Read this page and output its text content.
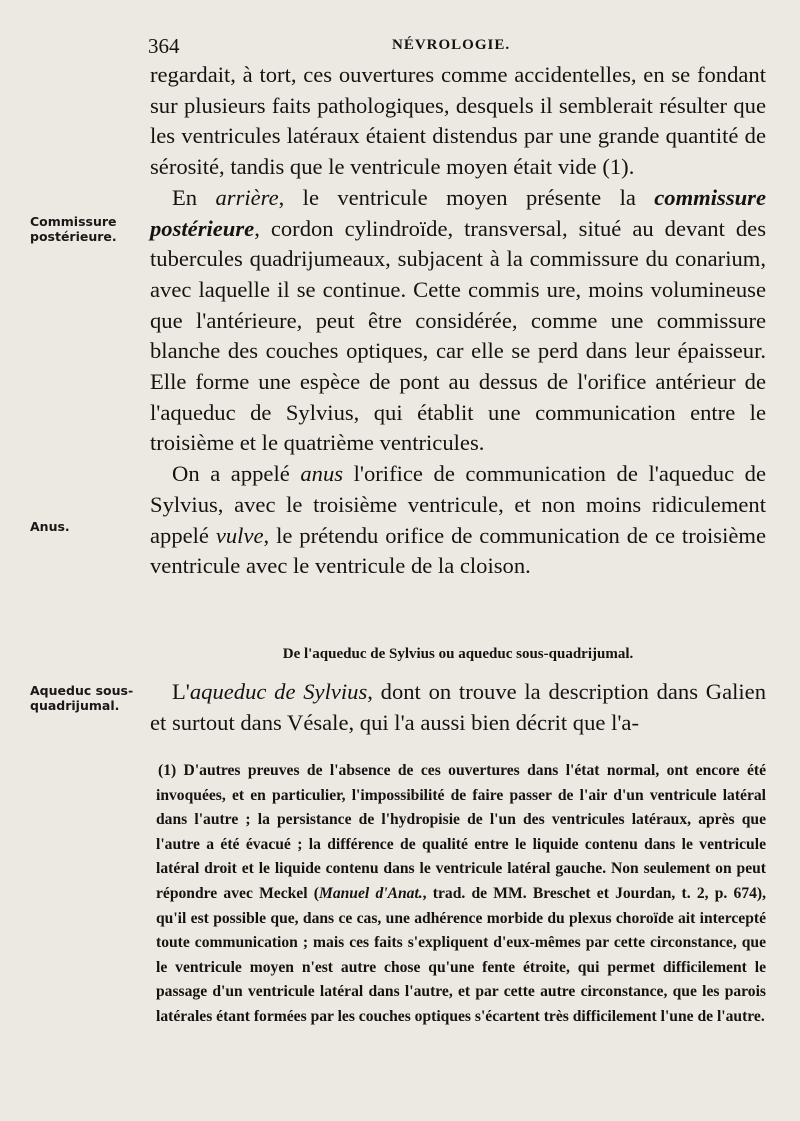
364	NÉVROLOGIE.
Commissure postérieure.
Anus.
Aqueduc sous-quadrijumal.

regardait, à tort, ces ouvertures comme accidentelles, en se fondant sur plusieurs faits pathologiques, desquels il semblerait résulter que les ventricules latéraux étaient distendus par une grande quantité de sérosité, tandis que le ventricule moyen était vide (1).

En arrière, le ventricule moyen présente la commissure postérieure, cordon cylindroïde, transversal, situé au devant des tubercules quadrijumeaux, subjacent à la commissure du conarium, avec laquelle il se continue. Cette commis ure, moins volumineuse que l'antérieure, peut être considérée, comme une commissure blanche des couches optiques, car elle se perd dans leur épaisseur. Elle forme une espèce de pont au dessus de l'orifice antérieur de l'aqueduc de Sylvius, qui établit une communication entre le troisième et le quatrième ventricules.

On a appelé anus l'orifice de communication de l'aqueduc de Sylvius, avec le troisième ventricule, et non moins ridiculement appelé vulve, le prétendu orifice de communication de ce troisième ventricule avec le ventricule de la cloison.

De l'aqueduc de Sylvius ou aqueduc sous-quadrijumal.

L'aqueduc de Sylvius, dont on trouve la description dans Galien et surtout dans Vésale, qui l'a aussi bien décrit que l'a-

(1) D'autres preuves de l'absence de ces ouvertures dans l'état normal, ont encore été invoquées, et en particulier, l'impossibilité de faire passer de l'air d'un ventricule latéral dans l'autre ; la persistance de l'hydropisie de l'un des ventricules latéraux, après que l'autre a été évacué ; la différence de qualité entre le liquide contenu dans le ventricule latéral droit et le liquide contenu dans le ventricule latéral gauche. Non seulement on peut répondre avec Meckel (Manuel d'Anat., trad. de MM. Breschet et Jourdan, t. 2, p. 674), qu'il est possible que, dans ce cas, une adhérence morbide du plexus choroïde ait intercepté toute communication ; mais ces faits s'expliquent d'eux-mêmes par cette circonstance, que le ventricule moyen n'est autre chose qu'une fente étroite, qui permet difficilement le passage d'un ventricule latéral dans l'autre, et par cette autre circonstance, que les parois latérales étant formées par les couches optiques s'écartent très difficilement l'une de l'autre.
